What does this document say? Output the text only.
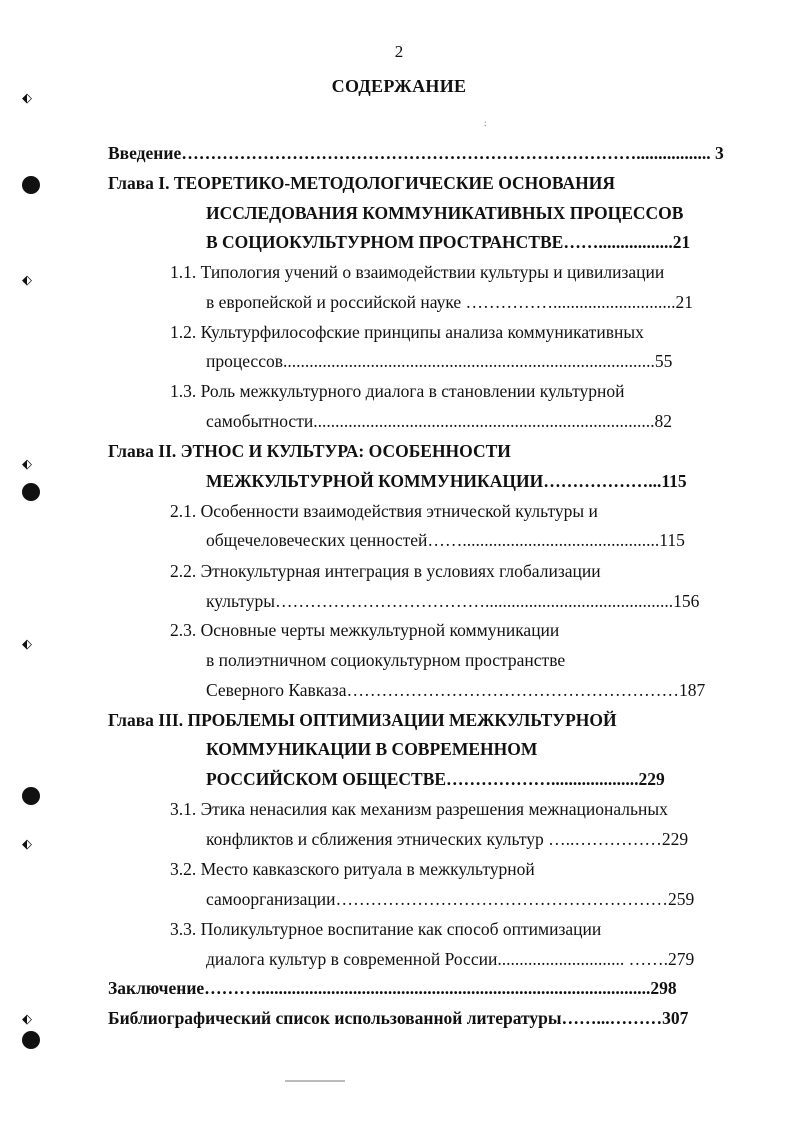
⬖
⬖
⬖
⬖
⬖
⬖
:
2
СОДЕРЖАНИЕ
Введение……………………………………………………………………................. 3
Глава I. ТЕОРЕТИКО-МЕТОДОЛОГИЧЕСКИЕ ОСНОВАНИЯ
ИССЛЕДОВАНИЯ КОММУНИКАТИВНЫХ ПРОЦЕССОВ
В СОЦИОКУЛЬТУРНОМ ПРОСТРАНСТВЕ…….................21
1.1. Типология учений о взаимодействии культуры и цивилизации
в европейской и российской науке ……………............................21
1.2. Культурфилософские принципы анализа коммуникативных
процессов.....................................................................................55
1.3. Роль межкультурного диалога в становлении культурной
самобытности..............................................................................82
Глава II. ЭТНОС И КУЛЬТУРА: ОСОБЕННОСТИ
МЕЖКУЛЬТУРНОЙ КОММУНИКАЦИИ………………...115
2.1. Особенности взаимодействия этнической культуры и
общечеловеческих ценностей…….............................................115
2.2. Этнокультурная интеграция в условиях глобализации
культуры………………………………...........................................156
2.3. Основные черты межкультурной коммуникации
в полиэтничном социокультурном пространстве
Северного Кавказа…………………………………………………187
Глава III. ПРОБЛЕМЫ ОПТИМИЗАЦИИ МЕЖКУЛЬТУРНОЙ
КОММУНИКАЦИИ В СОВРЕМЕННОМ
РОССИЙСКОМ ОБЩЕСТВЕ………………....................229
3.1. Этика ненасилия как механизм разрешения межнациональных
конфликтов и сближения этнических культур …..……………229
3.2. Место кавказского ритуала в межкультурной
самоорганизации…………………………………………………259
3.3. Поликультурное воспитание как способ оптимизации
диалога культур в современной России............................. …….279
Заключение………..........................................................................................298
Библиографический список использованной литературы……...………307
